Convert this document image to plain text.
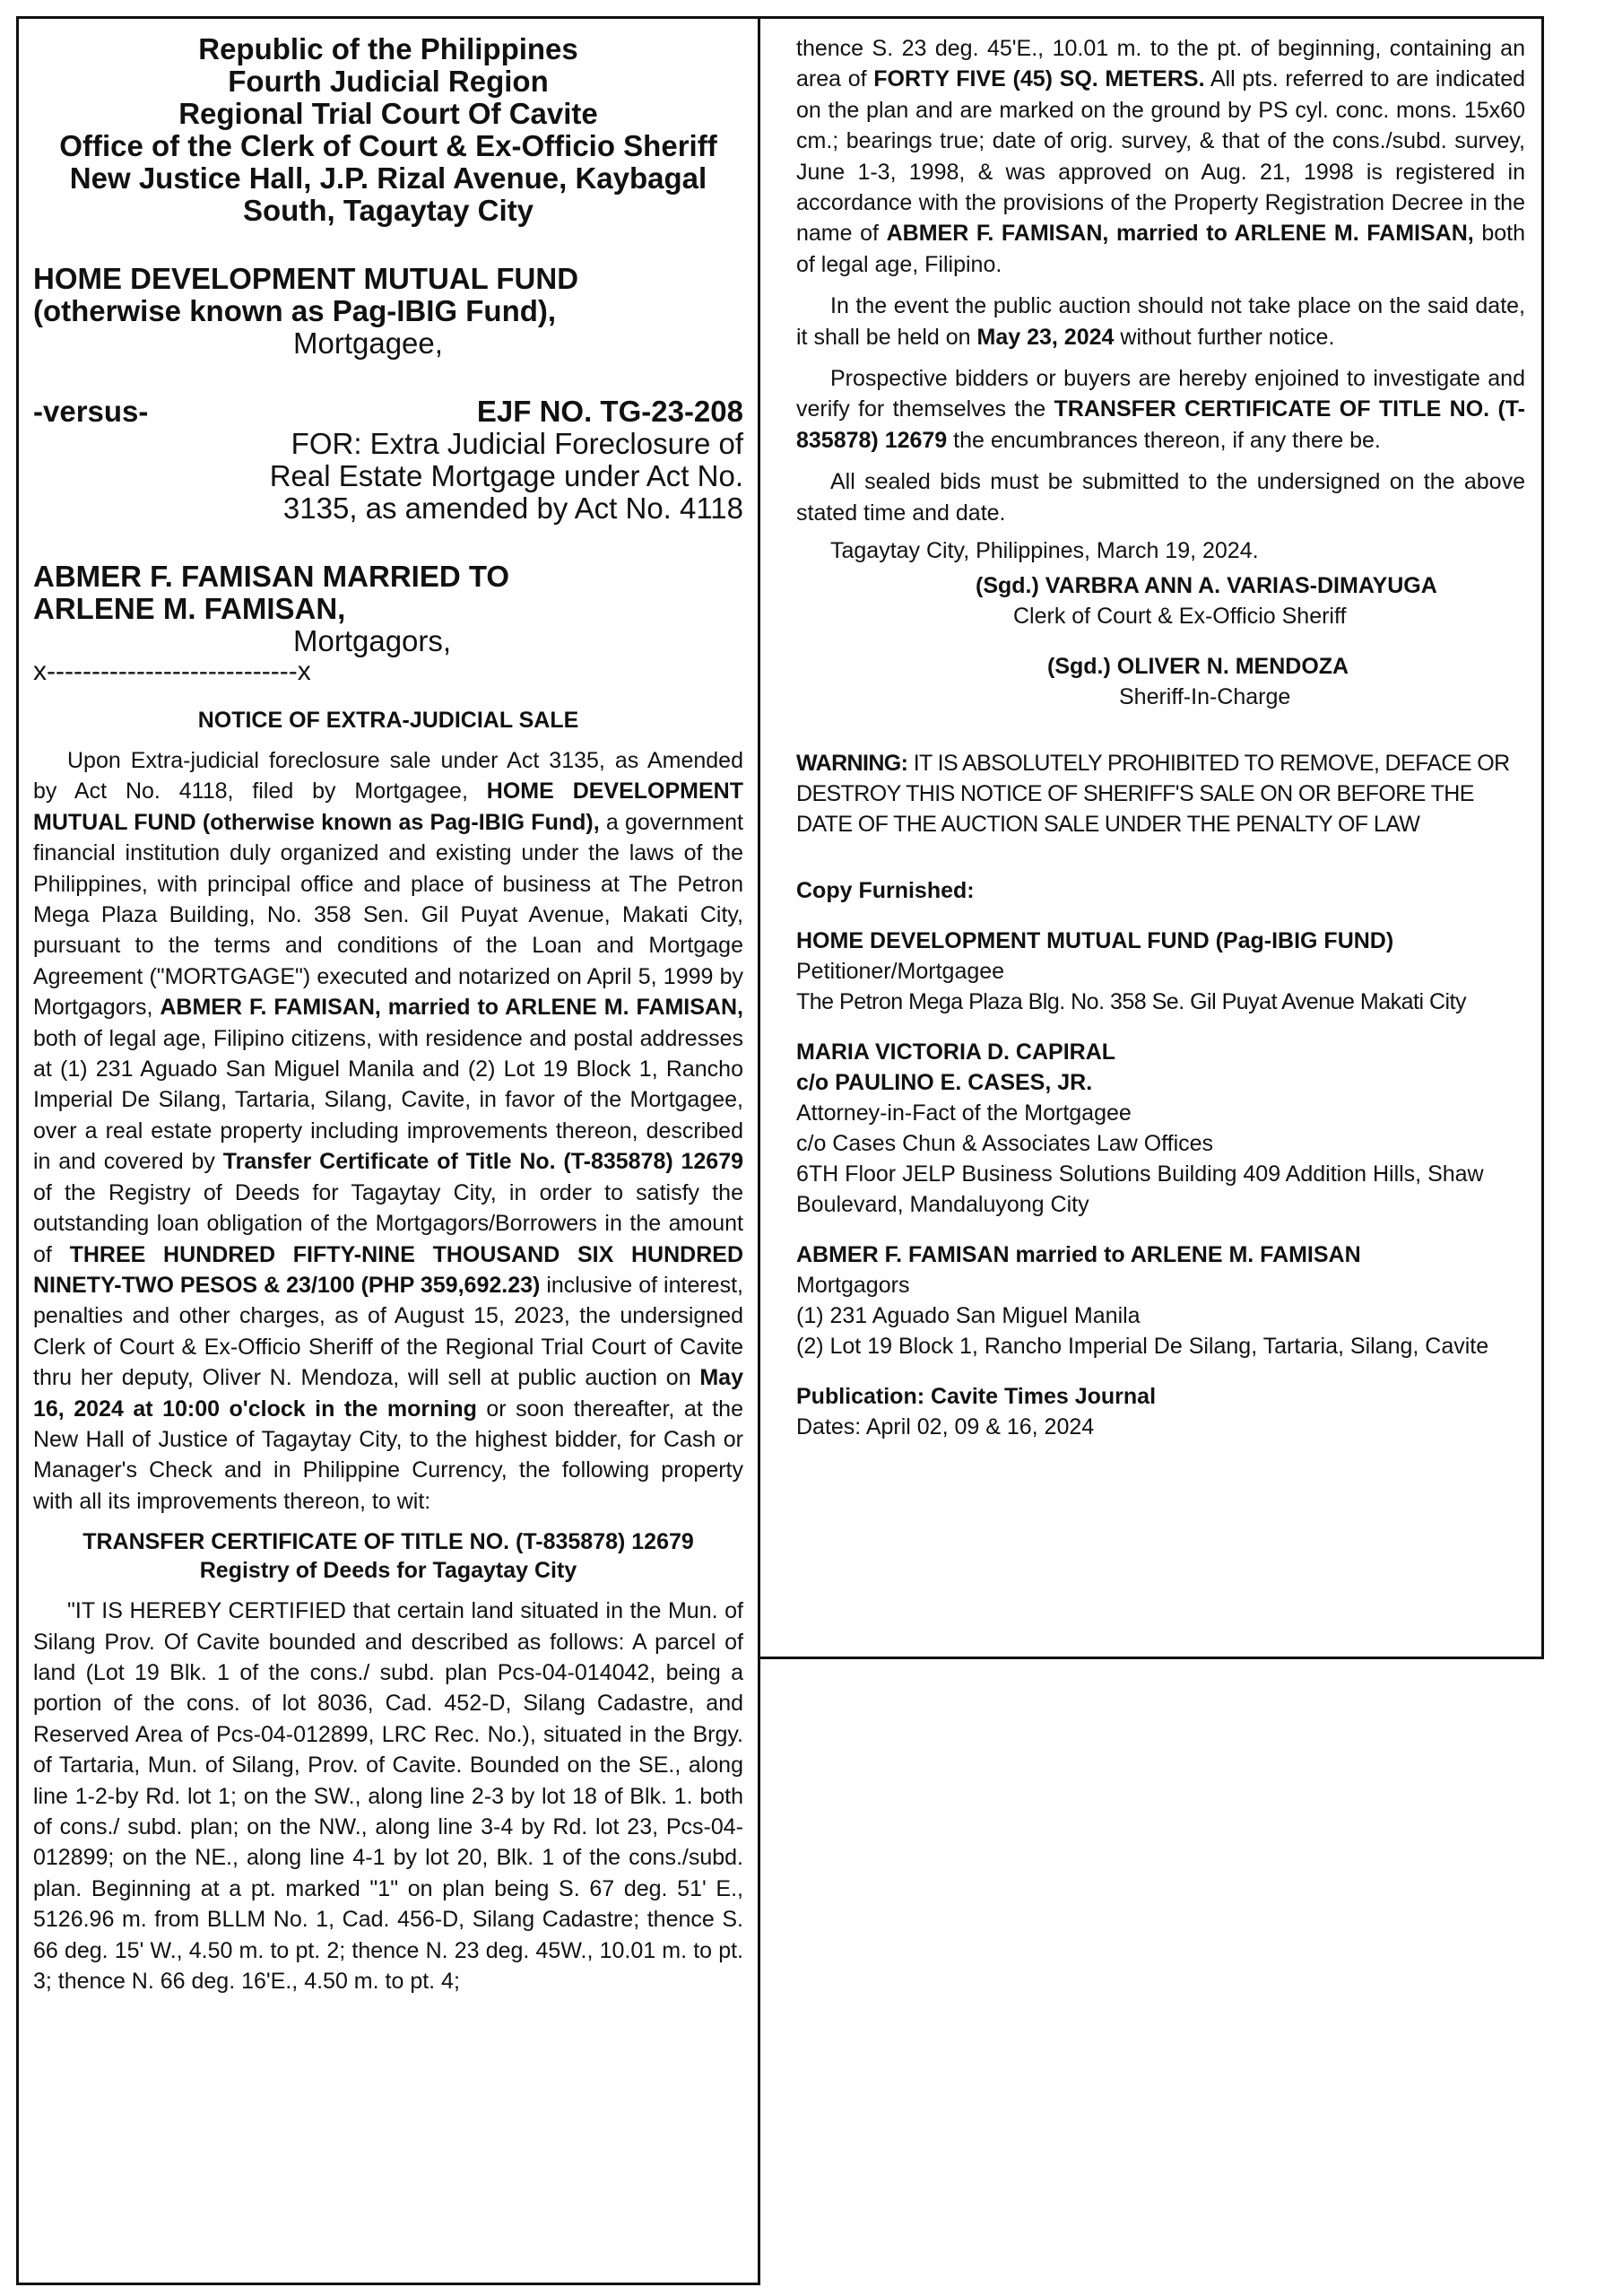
Republic of the Philippines
Fourth Judicial Region
Regional Trial Court Of Cavite
Office of the Clerk of Court & Ex-Officio Sheriff
New Justice Hall, J.P. Rizal Avenue, Kaybagal
South, Tagaytay City
HOME DEVELOPMENT MUTUAL FUND
(otherwise known as Pag-IBIG Fund),
Mortgagee,
-versus-	EJF NO. TG-23-208
FOR: Extra Judicial Foreclosure of
Real Estate Mortgage under Act No.
3135, as amended by Act No. 4118
ABMER F. FAMISAN MARRIED TO
ARLENE M. FAMISAN,
Mortgagors,
x----------------------------x
NOTICE OF EXTRA-JUDICIAL SALE

Upon Extra-judicial foreclosure sale under Act 3135, as Amended by Act No. 4118, filed by Mortgagee, HOME DEVELOPMENT MUTUAL FUND (otherwise known as Pag-IBIG Fund), a government financial institution duly organized and existing under the laws of the Philippines, with principal office and place of business at The Petron Mega Plaza Building, No. 358 Sen. Gil Puyat Avenue, Makati City, pursuant to the terms and conditions of the Loan and Mortgage Agreement ("MORTGAGE") executed and notarized on April 5, 1999 by Mortgagors, ABMER F. FAMISAN, married to ARLENE M. FAMISAN, both of legal age, Filipino citizens, with residence and postal addresses at (1) 231 Aguado San Miguel Manila and (2) Lot 19 Block 1, Rancho Imperial De Silang, Tartaria, Silang, Cavite, in favor of the Mortgagee, over a real estate property including improvements thereon, described in and covered by Transfer Certificate of Title No. (T-835878) 12679 of the Registry of Deeds for Tagaytay City, in order to satisfy the outstanding loan obligation of the Mortgagors/Borrowers in the amount of THREE HUNDRED FIFTY-NINE THOUSAND SIX HUNDRED NINETY-TWO PESOS & 23/100 (PHP 359,692.23) inclusive of interest, penalties and other charges, as of August 15, 2023, the undersigned Clerk of Court & Ex-Officio Sheriff of the Regional Trial Court of Cavite thru her deputy, Oliver N. Mendoza, will sell at public auction on May 16, 2024 at 10:00 o'clock in the morning or soon thereafter, at the New Hall of Justice of Tagaytay City, to the highest bidder, for Cash or Manager's Check and in Philippine Currency, the following property with all its improvements thereon, to wit:

TRANSFER CERTIFICATE OF TITLE NO. (T-835878) 12679
Registry of Deeds for Tagaytay City

"IT IS HEREBY CERTIFIED that certain land situated in the Mun. of Silang Prov. Of Cavite bounded and described as follows: A parcel of land (Lot 19 Blk. 1 of the cons./ subd. plan Pcs-04-014042, being a portion of the cons. of lot 8036, Cad. 452-D, Silang Cadastre, and Reserved Area of Pcs-04-012899, LRC Rec. No.), situated in the Brgy. of Tartaria, Mun. of Silang, Prov. of Cavite. Bounded on the SE., along line 1-2-by Rd. lot 1; on the SW., along line 2-3 by lot 18 of Blk. 1. both of cons./ subd. plan; on the NW., along line 3-4 by Rd. lot 23, Pcs-04-012899; on the NE., along line 4-1 by lot 20, Blk. 1 of the cons./subd. plan. Beginning at a pt. marked "1" on plan being S. 67 deg. 51' E., 5126.96 m. from BLLM No. 1, Cad. 456-D, Silang Cadastre; thence S. 66 deg. 15' W., 4.50 m. to pt. 2; thence N. 23 deg. 45W., 10.01 m. to pt. 3; thence N. 66 deg. 16'E., 4.50 m. to pt. 4;

thence S. 23 deg. 45'E., 10.01 m. to the pt. of beginning, containing an area of FORTY FIVE (45) SQ. METERS. All pts. referred to are indicated on the plan and are marked on the ground by PS cyl. conc. mons. 15x60 cm.; bearings true; date of orig. survey, & that of the cons./subd. survey, June 1-3, 1998, & was approved on Aug. 21, 1998 is registered in accordance with the provisions of the Property Registration Decree in the name of ABMER F. FAMISAN, married to ARLENE M. FAMISAN, both of legal age, Filipino.

In the event the public auction should not take place on the said date, it shall be held on May 23, 2024 without further notice.

Prospective bidders or buyers are hereby enjoined to investigate and verify for themselves the TRANSFER CERTIFICATE OF TITLE NO. (T-835878) 12679 the encumbrances thereon, if any there be.

All sealed bids must be submitted to the undersigned on the above stated time and date.

Tagaytay City, Philippines, March 19, 2024.

(Sgd.) VARBRA ANN A. VARIAS-DIMAYUGA
Clerk of Court & Ex-Officio Sheriff
(Sgd.) OLIVER N. MENDOZA
Sheriff-In-Charge

WARNING: IT IS ABSOLUTELY PROHIBITED TO REMOVE, DEFACE OR DESTROY THIS NOTICE OF SHERIFF'S SALE ON OR BEFORE THE DATE OF THE AUCTION SALE UNDER THE PENALTY OF LAW

Copy Furnished:
HOME DEVELOPMENT MUTUAL FUND (Pag-IBIG FUND)
Petitioner/Mortgagee
The Petron Mega Plaza Blg. No. 358 Se. Gil Puyat Avenue Makati City
MARIA VICTORIA D. CAPIRAL
c/o PAULINO E. CASES, JR.
Attorney-in-Fact of the Mortgagee
c/o Cases Chun & Associates Law Offices
6TH Floor JELP Business Solutions Building 409 Addition Hills, Shaw Boulevard, Mandaluyong City
ABMER F. FAMISAN married to ARLENE M. FAMISAN
Mortgagors
(1) 231 Aguado San Miguel Manila
(2) Lot 19 Block 1, Rancho Imperial De Silang, Tartaria, Silang, Cavite
Publication: Cavite Times Journal
Dates: April 02, 09 & 16, 2024
